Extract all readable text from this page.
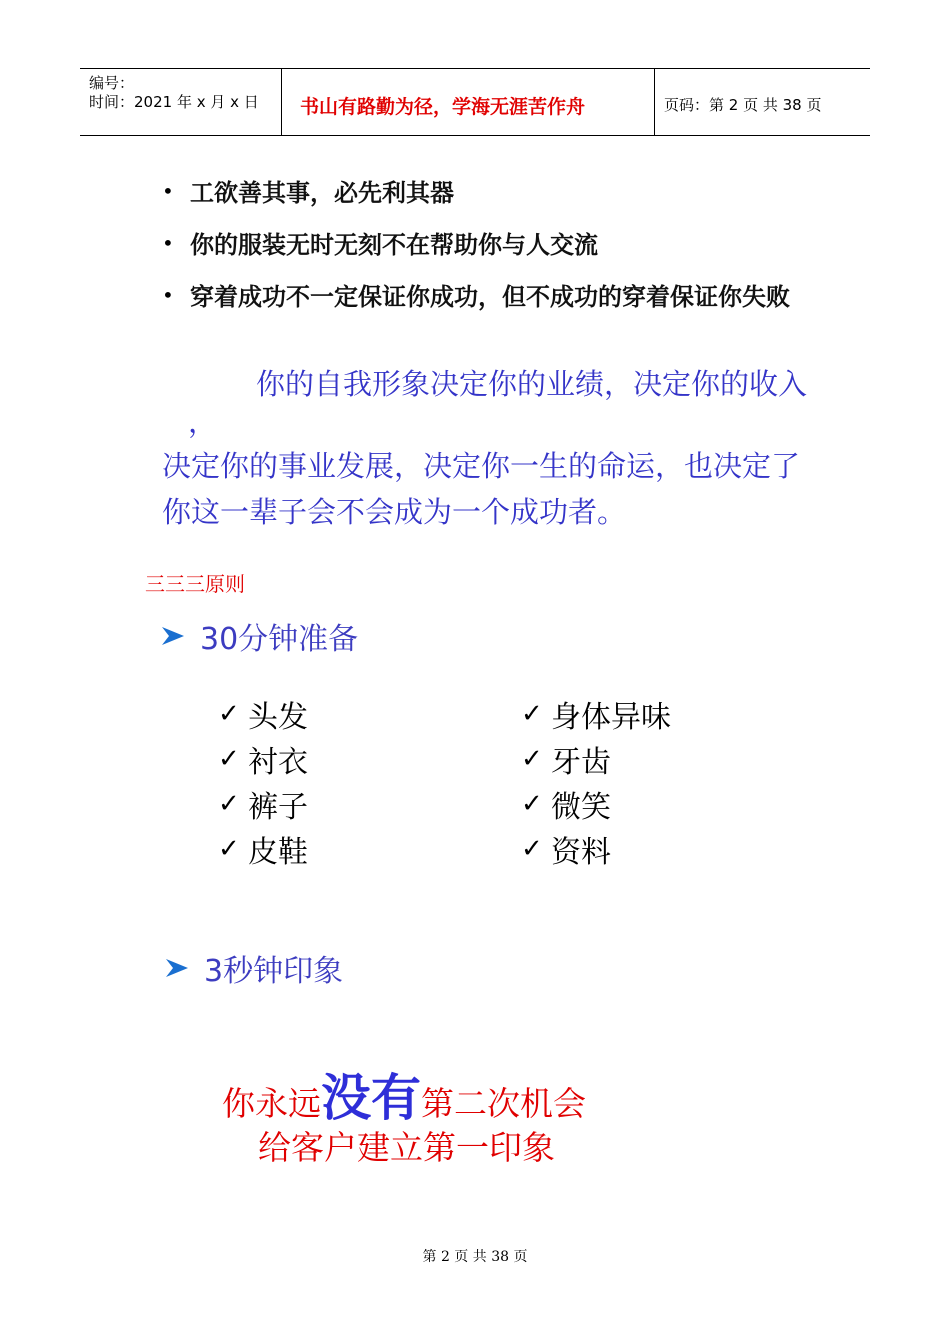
编号：
时间：2021 年 x 月 x 日 书山有路勤为径，学海无涯苦作舟	页码：第 2 页 共 38 页
• 工欲善其事，必先利其器
• 你的服装无时无刻不在帮助你与人交流
• 穿着成功不一定保证你成功，但不成功的穿着保证你失败
你的自我形象决定你的业绩，决定你的收入
，
决定你的事业发展，决定你一生的命运，也决定了
你这一辈子会不会成为一个成功者。
三三三原则
30分钟准备
✓ 头发
✓ 衬衣
✓ 裤子
✓ 皮鞋
✓ 身体异味
✓ 牙齿
✓ 微笑
✓ 资料
3秒钟印象
你永远没有第二次机会
给客户建立第一印象
第 2 页 共 38 页
